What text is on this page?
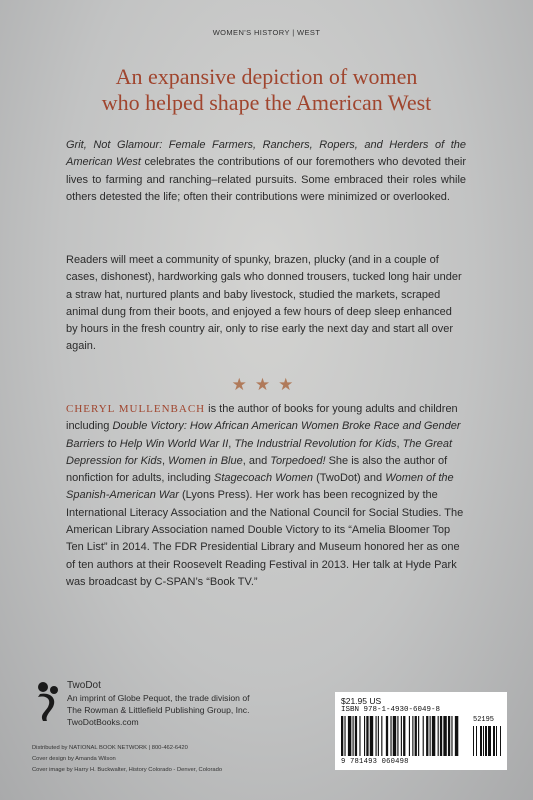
WOMEN'S HISTORY | WEST
An expansive depiction of women
who helped shape the American West
Grit, Not Glamour: Female Farmers, Ranchers, Ropers, and Herders of the American West celebrates the contributions of our foremothers who devoted their lives to farming and ranching–related pursuits. Some embraced their roles while others detested the life; often their contributions were minimized or overlooked.
Readers will meet a community of spunky, brazen, plucky (and in a couple of cases, dishonest), hardworking gals who donned trousers, tucked long hair under a straw hat, nurtured plants and baby livestock, studied the markets, scraped animal dung from their boots, and enjoyed a few hours of deep sleep enhanced by hours in the fresh country air, only to rise early the next day and start all over again.
★★★
CHERYL MULLENBACH is the author of books for young adults and children including Double Victory: How African American Women Broke Race and Gender Barriers to Help Win World War II, The Industrial Revolution for Kids, The Great Depression for Kids, Women in Blue, and Torpedoed! She is also the author of nonfiction for adults, including Stagecoach Women (TwoDot) and Women of the Spanish-American War (Lyons Press). Her work has been recognized by the International Literacy Association and the National Council for Social Studies. The American Library Association named Double Victory to its “Amelia Bloomer Top Ten List” in 2014. The FDR Presidential Library and Museum honored her as one of ten authors at their Roosevelt Reading Festival in 2013. Her talk at Hyde Park was broadcast by C-SPAN’s “Book TV.”
TwoDot
An imprint of Globe Pequot, the trade division of
The Rowman & Littlefield Publishing Group, Inc.
TwoDotBooks.com
Distributed by NATIONAL BOOK NETWORK | 800-462-6420
Cover design by Amanda Wilson
Cover image by Harry H. Buckwalter, History Colorado - Denver, Colorado
$21.95 US
ISBN 978-1-4930-6049-8
52195
9 781493 060498
